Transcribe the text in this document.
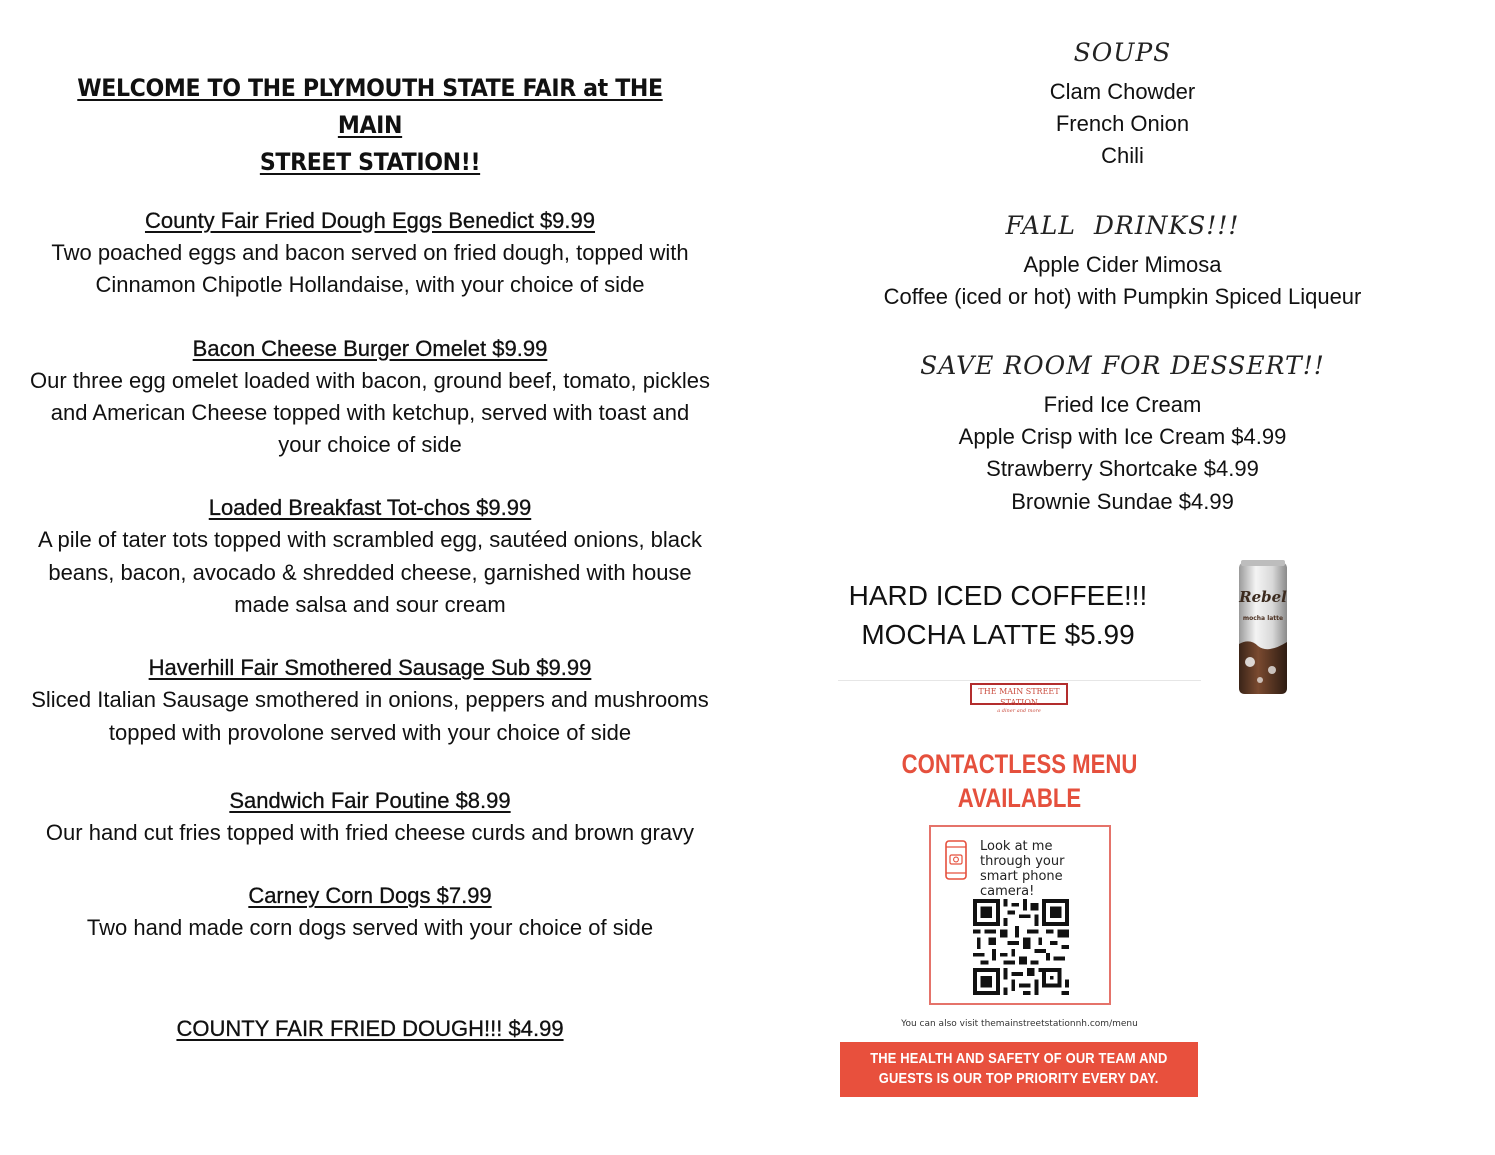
WELCOME TO THE PLYMOUTH STATE FAIR at THE MAIN
STREET STATION!!
County Fair Fried Dough Eggs Benedict $9.99
Two poached eggs and bacon served on fried dough, topped with Cinnamon Chipotle Hollandaise, with your choice of side
Bacon Cheese Burger Omelet $9.99
Our three egg omelet loaded with bacon, ground beef, tomato, pickles and American Cheese topped with ketchup, served with toast and your choice of side
Loaded Breakfast Tot-chos $9.99
A pile of tater tots topped with scrambled egg, sautéed onions, black beans, bacon, avocado & shredded cheese, garnished with house made salsa and sour cream
Haverhill Fair Smothered Sausage Sub $9.99
Sliced Italian Sausage smothered in onions, peppers and mushrooms topped with provolone served with your choice of side
Sandwich Fair Poutine $8.99
Our hand cut fries topped with fried cheese curds and brown gravy
Carney Corn Dogs $7.99
Two hand made corn dogs served with your choice of side
COUNTY FAIR FRIED DOUGH!!! $4.99
SOUPS
Clam Chowder
French Onion
Chili
FALL  DRINKS!!!
Apple Cider Mimosa
Coffee (iced or hot) with Pumpkin Spiced Liqueur
SAVE ROOM FOR DESSERT!!
Fried Ice Cream
Apple Crisp with Ice Cream $4.99
Strawberry Shortcake $4.99
Brownie Sundae $4.99
HARD ICED COFFEE!!!
MOCHA LATTE $5.99
Rebel
mocha latte
THE MAIN STREET STATION
a diner and more
CONTACTLESS MENU
AVAILABLE
Look at me through your smart phone camera!
You can also visit themainstreetstationnh.com/menu
THE HEALTH AND SAFETY OF OUR TEAM AND
GUESTS IS OUR TOP PRIORITY EVERY DAY.
